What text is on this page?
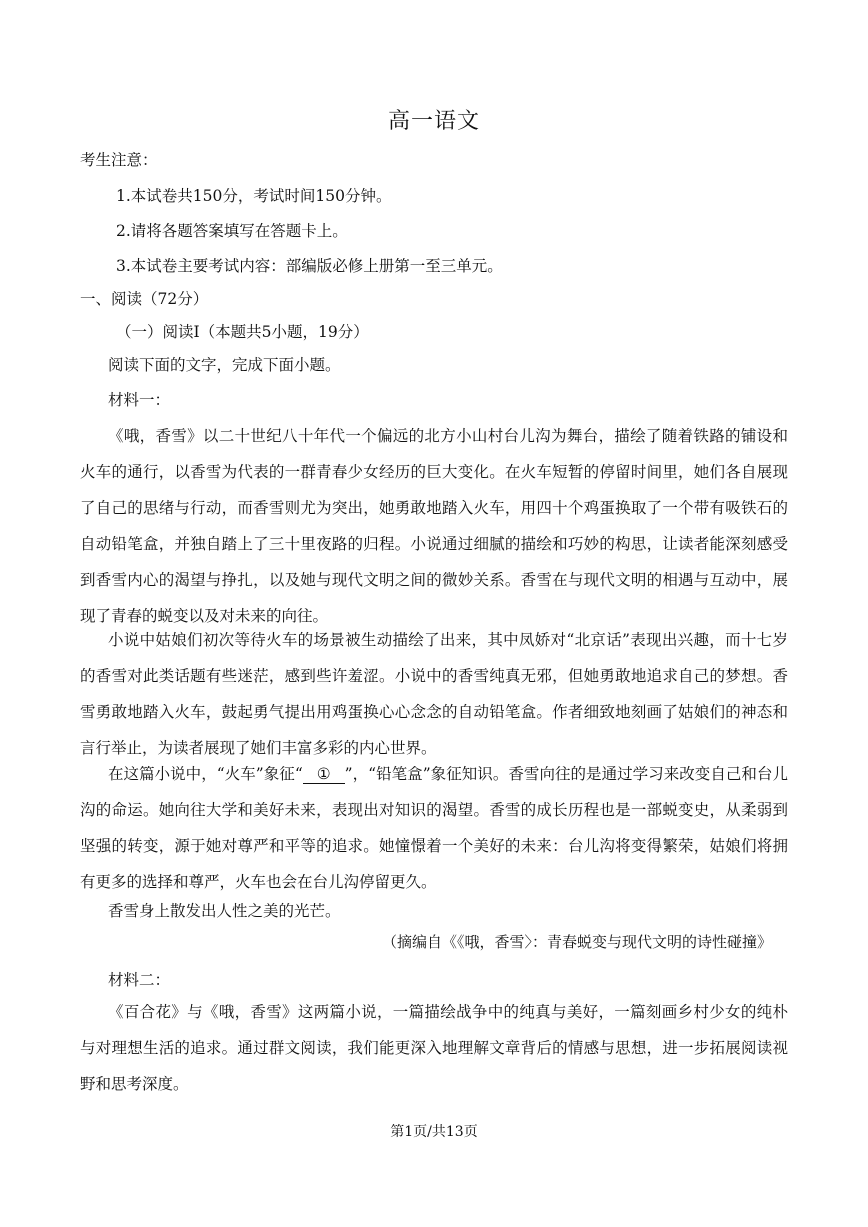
高一语文
考生注意：
1.本试卷共150分，考试时间150分钟。
2.请将各题答案填写在答题卡上。
3.本试卷主要考试内容：部编版必修上册第一至三单元。
一、阅读（72分）
（一）阅读Ⅰ（本题共5小题，19分）
阅读下面的文字，完成下面小题。
材料一：
《哦，香雪》以二十世纪八十年代一个偏远的北方小山村台儿沟为舞台，描绘了随着铁路的铺设和火车的通行，以香雪为代表的一群青春少女经历的巨大变化。在火车短暂的停留时间里，她们各自展现了自己的思绪与行动，而香雪则尤为突出，她勇敢地踏入火车，用四十个鸡蛋换取了一个带有吸铁石的自动铅笔盒，并独自踏上了三十里夜路的归程。小说通过细腻的描绘和巧妙的构思，让读者能深刻感受到香雪内心的渴望与挣扎，以及她与现代文明之间的微妙关系。香雪在与现代文明的相遇与互动中，展现了青春的蜕变以及对未来的向往。
小说中姑娘们初次等待火车的场景被生动描绘了出来，其中凤娇对“北京话”表现出兴趣，而十七岁的香雪对此类话题有些迷茫，感到些许羞涩。小说中的香雪纯真无邪，但她勇敢地追求自己的梦想。香雪勇敢地踏入火车，鼓起勇气提出用鸡蛋换心心念念的自动铅笔盒。作者细致地刻画了姑娘们的神态和言行举止，为读者展现了她们丰富多彩的内心世界。
在这篇小说中，“火车”象征“ ① ”，“铅笔盒”象征知识。香雪向往的是通过学习来改变自己和台儿沟的命运。她向往大学和美好未来，表现出对知识的渴望。香雪的成长历程也是一部蜕变史，从柔弱到坚强的转变，源于她对尊严和平等的追求。她憧憬着一个美好的未来：台儿沟将变得繁荣，姑娘们将拥有更多的选择和尊严，火车也会在台儿沟停留更久。
香雪身上散发出人性之美的光芒。
（摘编自《《哦，香雪〉：青春蜕变与现代文明的诗性碰撞》
材料二：
《百合花》与《哦，香雪》这两篇小说，一篇描绘战争中的纯真与美好，一篇刻画乡村少女的纯朴与对理想生活的追求。通过群文阅读，我们能更深入地理解文章背后的情感与思想，进一步拓展阅读视野和思考深度。
第1页/共13页
